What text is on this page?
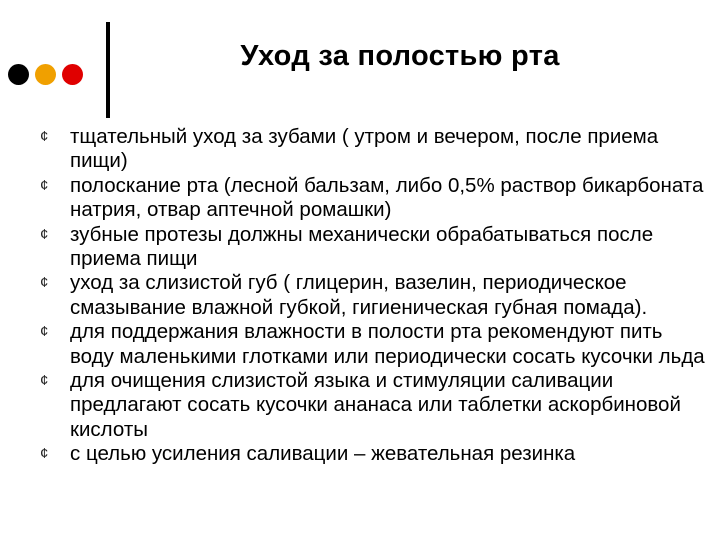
Уход за полостью рта
¢ тщательный уход за зубами ( утром и вечером, после приема пищи)
¢ полоскание рта (лесной бальзам, либо 0,5% раствор бикарбоната натрия, отвар аптечной ромашки)
¢ зубные протезы должны механически обрабатываться после приема пищи
¢ уход за слизистой губ ( глицерин, вазелин, периодическое смазывание влажной губкой, гигиеническая губная помада).
¢ для поддержания влажности в полости рта рекомендуют пить воду маленькими глотками или периодически сосать кусочки льда
¢ для очищения слизистой языка и стимуляции саливации предлагают сосать кусочки ананаса или таблетки аскорбиновой кислоты
¢ с целью усиления саливации – жевательная резинка
